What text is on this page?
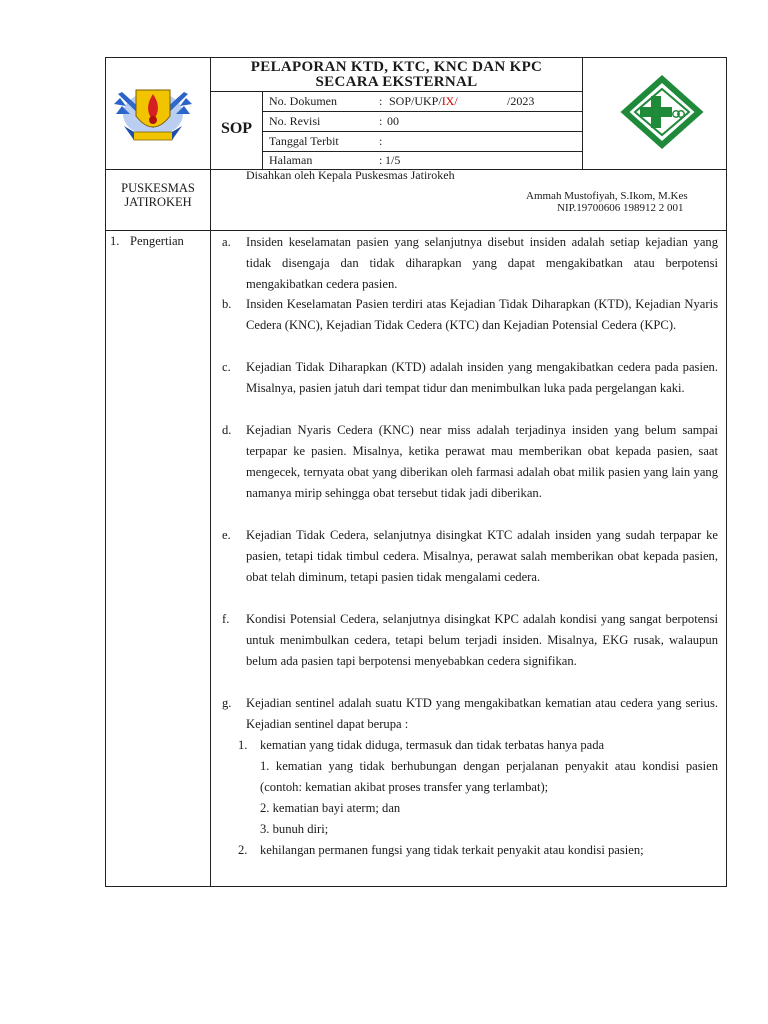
PELAPORAN KTD, KTC, KNC DAN KPC
SECARA EKSTERNAL
SOP
No. Dokumen	: SOP/UKP/IX/	/2023
No. Revisi	: 00
Tanggal Terbit	:
Halaman	: 1/5
PUSKESMAS
JATIROKEH
Disahkan oleh Kepala Puskesmas Jatirokeh
Ammah Mustofiyah, S.Ikom, M.Kes
NIP.19700606 198912 2 001
1. Pengertian	a.	Insiden keselamatan pasien yang selanjutnya disebut insiden adalah setiap kejadian yang tidak disengaja dan tidak diharapkan yang dapat mengakibatkan atau berpotensi mengakibatkan cedera pasien.
b.	Insiden Keselamatan Pasien terdiri atas Kejadian Tidak Diharapkan (KTD), Kejadian Nyaris Cedera (KNC), Kejadian Tidak Cedera (KTC) dan Kejadian Potensial Cedera (KPC).
c.	Kejadian Tidak Diharapkan (KTD) adalah insiden yang mengakibatkan cedera pada pasien. Misalnya, pasien jatuh dari tempat tidur dan menimbulkan luka pada pergelangan kaki.
d.	Kejadian Nyaris Cedera (KNC) near miss adalah terjadinya insiden yang belum sampai terpapar ke pasien. Misalnya, ketika perawat mau memberikan obat kepada pasien, saat mengecek, ternyata obat yang diberikan oleh farmasi adalah obat milik pasien yang lain yang namanya mirip sehingga obat tersebut tidak jadi diberikan.
e.	Kejadian Tidak Cedera, selanjutnya disingkat KTC adalah insiden yang sudah terpapar ke pasien, tetapi tidak timbul cedera. Misalnya, perawat salah memberikan obat kepada pasien, obat telah diminum, tetapi pasien tidak mengalami cedera.
f.	Kondisi Potensial Cedera, selanjutnya disingkat KPC adalah kondisi yang sangat berpotensi untuk menimbulkan cedera, tetapi belum terjadi insiden. Misalnya, EKG rusak, walaupun belum ada pasien tapi berpotensi menyebabkan cedera signifikan.
g.	Kejadian sentinel adalah suatu KTD yang mengakibatkan kematian atau cedera yang serius. Kejadian sentinel dapat berupa :
1. kematian yang tidak diduga, termasuk dan tidak terbatas hanya pada
1. kematian yang tidak berhubungan dengan perjalanan penyakit atau kondisi pasien (contoh: kematian akibat proses transfer yang terlambat);
2. kematian bayi aterm; dan
3. bunuh diri;
2. kehilangan permanen fungsi yang tidak terkait penyakit atau kondisi pasien;
